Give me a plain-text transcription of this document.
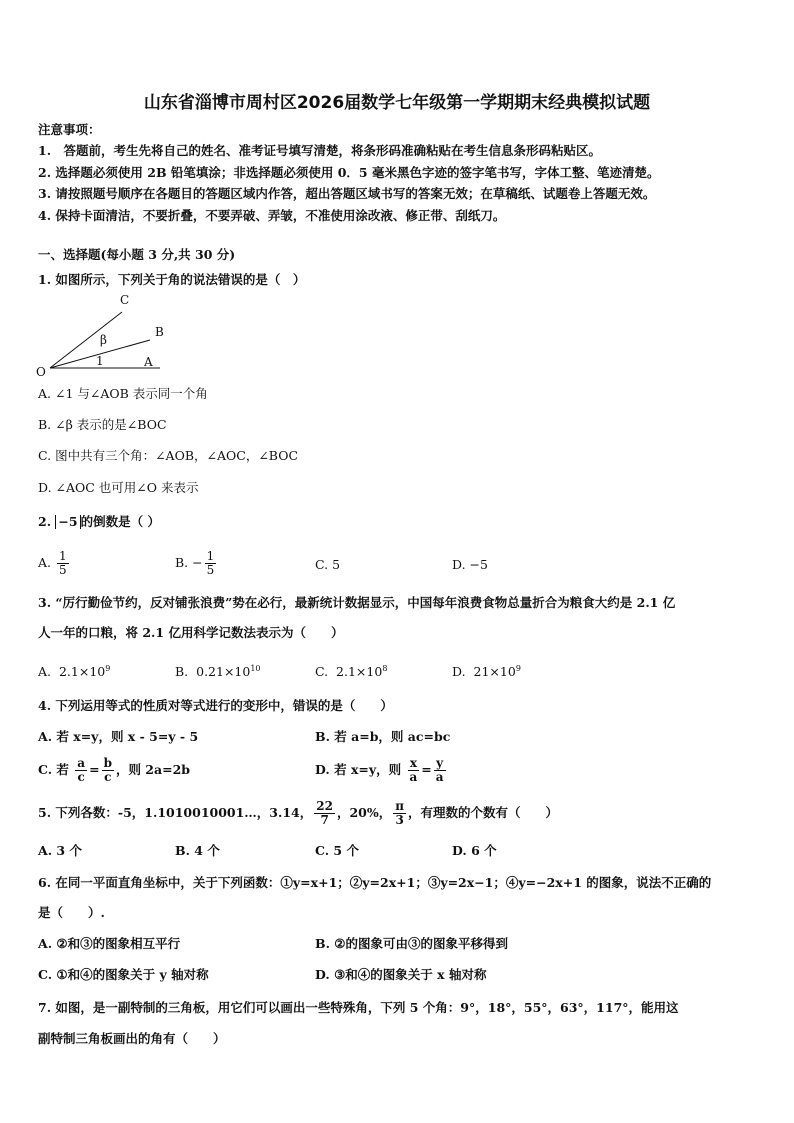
山东省淄博市周村区2026届数学七年级第一学期期末经典模拟试题
注意事项：
1.　答题前，考生先将自己的姓名、准考证号填写清楚，将条形码准确粘贴在考生信息条形码粘贴区。
2. 选择题必须使用 2B 铅笔填涂；非选择题必须使用 0．5 毫米黑色字迹的签字笔书写，字体工整、笔迹清楚。
3. 请按照题号顺序在各题目的答题区域内作答，超出答题区域书写的答案无效；在草稿纸、试题卷上答题无效。
4. 保持卡面清洁，不要折叠，不要弄破、弄皱，不准使用涂改液、修正带、刮纸刀。
一、选择题(每小题 3 分,共 30 分)
1. 如图所示，下列关于角的说法错误的是（　）
C
B
β
1
O
A
A. ∠1 与∠AOB 表示同一个角
B. ∠β 表示的是∠BOC
C. 图中共有三个角：∠AOB，∠AOC，∠BOC
D. ∠AOC 也可用∠O 来表示
2. −5 的倒数是（ ）
A. $\frac{1}{5}$	B. − $\frac{1}{5}$	C. 5	D. −5
3. “厉行勤俭节约，反对铺张浪费”势在必行，最新统计数据显示，中国每年浪费食物总量折合为粮食大约是 2.1 亿
人一年的口粮，将 2.1 亿用科学记数法表示为（　　）
A. $2.1\times 10^9$	B. $0.21\times 10^{10}$	C. $2.1\times 10^8$	D. $21\times 10^9$
4. 下列运用等式的性质对等式进行的变形中，错误的是（　　）
A. 若 x=y，则 x - 5=y - 5	B. 若 a=b，则 ac=bc
C. 若 $\frac{a}{c} = \frac{b}{c}$ ，则 2a=2b	D. 若 x=y，则 $\frac{x}{a} = \frac{y}{a}$
5. 下列各数：-5，1.1010010001…，3.14， $\frac{22}{7}$ ，20%， $\frac{\pi}{3}$ ，有理数的个数有（　　）
A. 3 个	B. 4 个	C. 5 个	D. 6 个
6. 在同一平面直角坐标中，关于下列函数：①y=x+1；②y=2x+1；③y=2x−1；④y=−2x+1 的图象，说法不正确的
是（　　）.
A. ②和③的图象相互平行	B. ②的图象可由③的图象平移得到
C. ①和④的图象关于 y 轴对称	D. ③和④的图象关于 x 轴对称
7. 如图，是一副特制的三角板，用它们可以画出一些特殊角，下列 5 个角：9°，18°，55°，63°，117°，能用这
副特制三角板画出的角有（　　）
